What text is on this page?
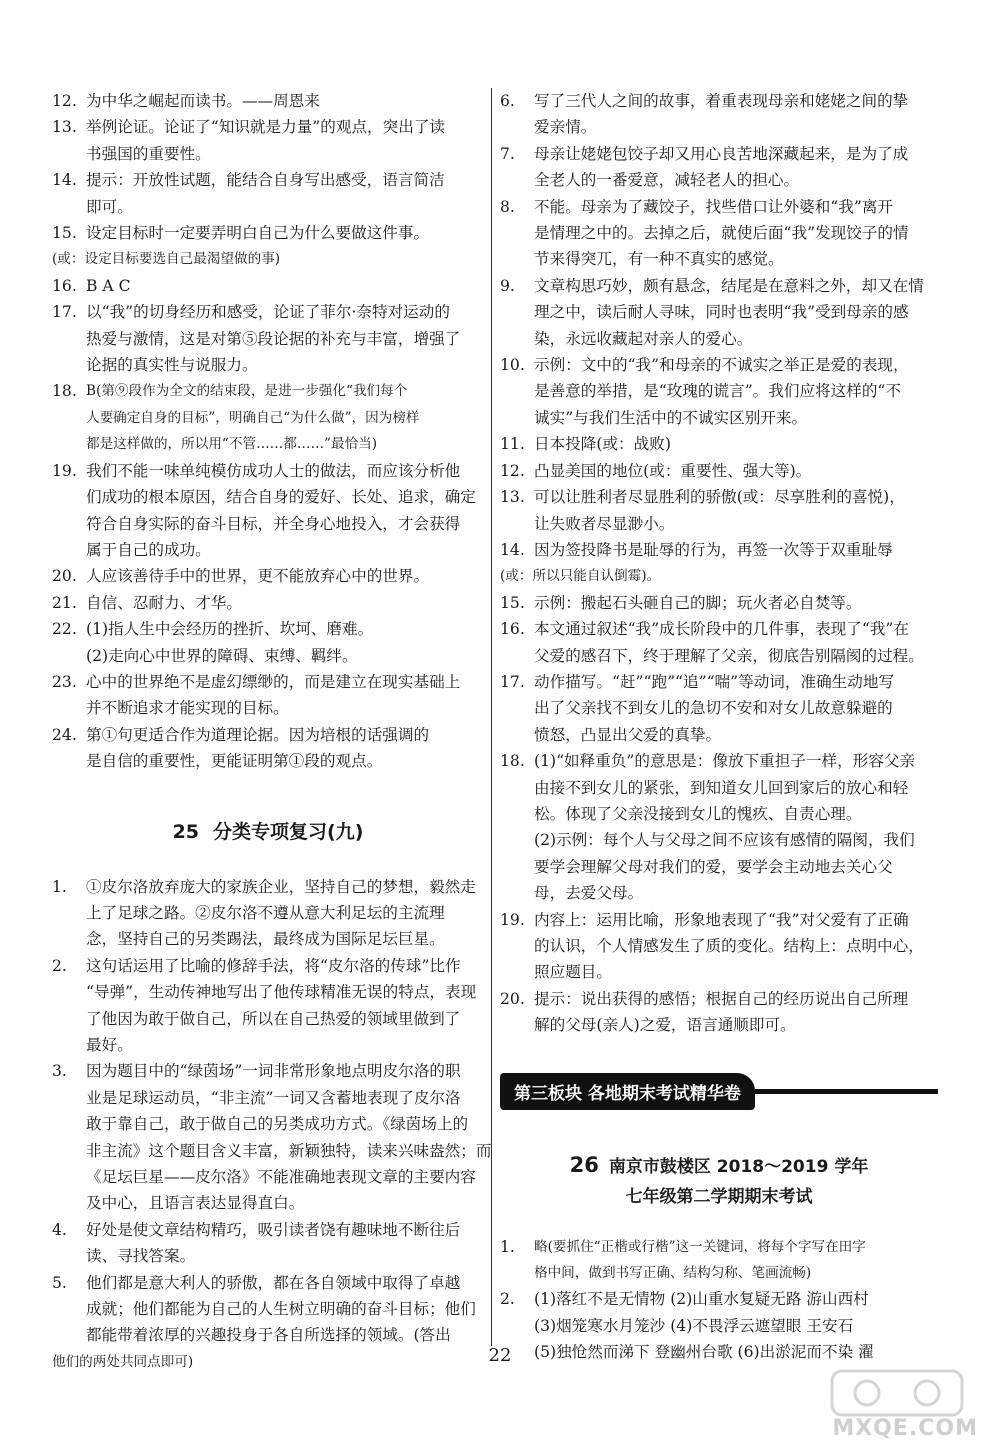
12. 为中华之崛起而读书。——周恩来
13. 举例论证。论证了“知识就是力量”的观点，突出了读
书强国的重要性。
14. 提示：开放性试题，能结合自身写出感受，语言简洁
即可。
15. 设定目标时一定要弄明白自己为什么要做这件事。
(或：设定目标要选自己最渴望做的事)
16. B A C
17. 以“我”的切身经历和感受，论证了菲尔·奈特对运动的
热爱与激情，这是对第⑤段论据的补充与丰富，增强了
论据的真实性与说服力。
18. B(第⑨段作为全文的结束段，是进一步强化“我们每个
人要确定自身的目标”，明确自己“为什么做”，因为榜样
都是这样做的，所以用“不管……都……”最恰当)
19. 我们不能一味单纯模仿成功人士的做法，而应该分析他
们成功的根本原因，结合自身的爱好、长处、追求，确定
符合自身实际的奋斗目标，并全身心地投入，才会获得
属于自己的成功。
20. 人应该善待手中的世界，更不能放弃心中的世界。
21. 自信、忍耐力、才华。
22. (1)指人生中会经历的挫折、坎坷、磨难。
(2)走向心中世界的障碍、束缚、羁绊。
23. 心中的世界绝不是虚幻缥缈的，而是建立在现实基础上
并不断追求才能实现的目标。
24. 第①句更适合作为道理论据。因为培根的话强调的
是自信的重要性，更能证明第①段的观点。
25 分类专项复习(九)
1.	①皮尔洛放弃庞大的家族企业，坚持自己的梦想，毅然走
上了足球之路。②皮尔洛不遵从意大利足坛的主流理
念，坚持自己的另类踢法，最终成为国际足坛巨星。
2.	这句话运用了比喻的修辞手法，将“皮尔洛的传球”比作
“导弹”，生动传神地写出了他传球精准无误的特点，表现
了他因为敢于做自己，所以在自己热爱的领域里做到了
最好。
3.	因为题目中的“绿茵场”一词非常形象地点明皮尔洛的职
业是足球运动员，“非主流”一词又含蓄地表现了皮尔洛
敢于靠自己，敢于做自己的另类成功方式。《绿茵场上的
非主流》这个题目含义丰富，新颖独特，读来兴味盎然；而
《足坛巨星——皮尔洛》不能准确地表现文章的主要内容
及中心，且语言表达显得直白。
4.	好处是使文章结构精巧，吸引读者饶有趣味地不断往后
读、寻找答案。
5.	他们都是意大利人的骄傲，都在各自领域中取得了卓越
成就；他们都能为自己的人生树立明确的奋斗目标；他们
都能带着浓厚的兴趣投身于各自所选择的领域。(答出
他们的两处共同点即可)
6.	写了三代人之间的故事，着重表现母亲和姥姥之间的挚
爱亲情。
7.	母亲让姥姥包饺子却又用心良苦地深藏起来，是为了成
全老人的一番爱意，减轻老人的担心。
8.	不能。母亲为了藏饺子，找些借口让外婆和“我”离开
是情理之中的。去掉之后，就使后面“我”发现饺子的情
节来得突兀，有一种不真实的感觉。
9.	文章构思巧妙，颇有悬念，结尾是在意料之外，却又在情
理之中，读后耐人寻味，同时也表明“我”受到母亲的感
染，永远收藏起对亲人的爱心。
10. 示例：文中的“我”和母亲的不诚实之举正是爱的表现，
是善意的举措，是“玫瑰的谎言”。我们应将这样的“不
诚实”与我们生活中的不诚实区别开来。
11. 日本投降(或：战败)
12. 凸显美国的地位(或：重要性、强大等)。
13. 可以让胜利者尽显胜利的骄傲(或：尽享胜利的喜悦)，
让失败者尽显渺小。
14. 因为签投降书是耻辱的行为，再签一次等于双重耻辱
(或：所以只能自认倒霉)。
15. 示例：搬起石头砸自己的脚；玩火者必自焚等。
16. 本文通过叙述“我”成长阶段中的几件事，表现了“我”在
父爱的感召下，终于理解了父亲，彻底告别隔阂的过程。
17. 动作描写。“赶”“跑”“追”“喘”等动词，准确生动地写
出了父亲找不到女儿的急切不安和对女儿故意躲避的
愤怒，凸显出父爱的真挚。
18. (1)“如释重负”的意思是：像放下重担子一样，形容父亲
由接不到女儿的紧张，到知道女儿回到家后的放心和轻
松。体现了父亲没接到女儿的愧疚、自责心理。
(2)示例：每个人与父母之间不应该有感情的隔阂，我们
要学会理解父母对我们的爱，要学会主动地去关心父
母，去爱父母。
19. 内容上：运用比喻，形象地表现了“我”对父爱有了正确
的认识，个人情感发生了质的变化。结构上：点明中心，
照应题目。
20. 提示：说出获得的感悟；根据自己的经历说出自己所理
解的父母(亲人)之爱，语言通顺即可。
第三板块 各地期末考试精华卷
26 南京市鼓楼区 2018～2019 学年
七年级第二学期期末考试
1.	略(要抓住“正楷或行楷”这一关键词，将每个字写在田字
格中间，做到书写正确、结构匀称、笔画流畅)
2.	(1)落红不是无情物 (2)山重水复疑无路 游山西村
(3)烟笼寒水月笼沙 (4)不畏浮云遮望眼 王安石
(5)独怆然而涕下 登幽州台歌 (6)出淤泥而不染 濯
22
MXQE.COM
